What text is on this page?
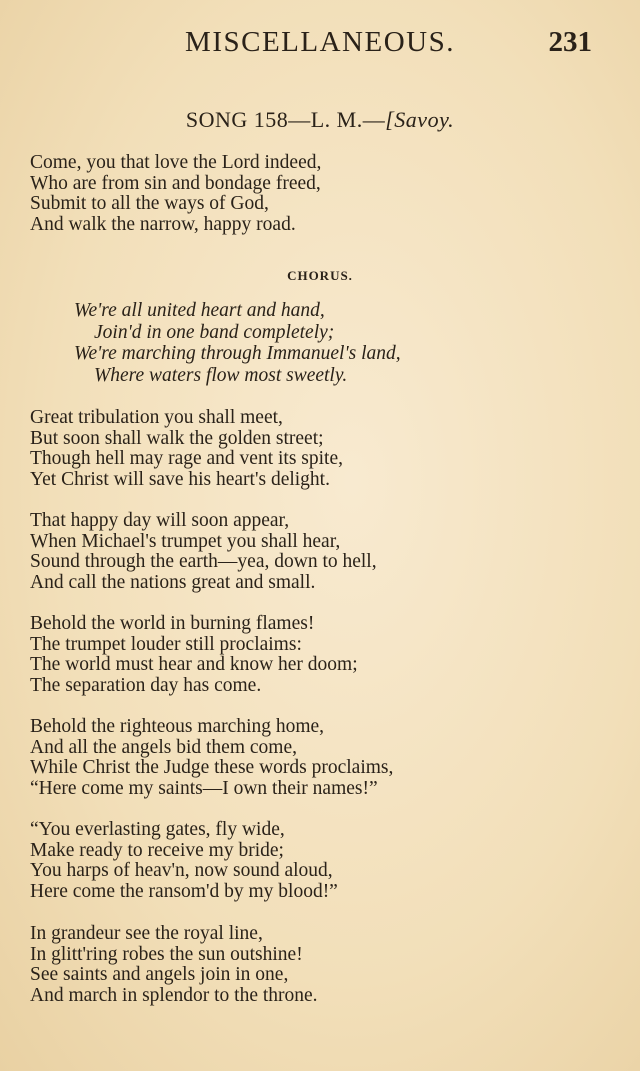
MISCELLANEOUS.	231
SONG 158—L. M.—[Savoy.
Come, you that love the Lord indeed,
Who are from sin and bondage freed,
Submit to all the ways of God,
And walk the narrow, happy road.
CHORUS.
We're all united heart and hand,
Join'd in one band completely;
We're marching through Immanuel's land,
Where waters flow most sweetly.
Great tribulation you shall meet,
But soon shall walk the golden street;
Though hell may rage and vent its spite,
Yet Christ will save his heart's delight.
That happy day will soon appear,
When Michael's trumpet you shall hear,
Sound through the earth—yea, down to hell,
And call the nations great and small.
Behold the world in burning flames!
The trumpet louder still proclaims:
The world must hear and know her doom;
The separation day has come.
Behold the righteous marching home,
And all the angels bid them come,
While Christ the Judge these words proclaims,
“Here come my saints—I own their names!”
“You everlasting gates, fly wide,
Make ready to receive my bride;
You harps of heav'n, now sound aloud,
Here come the ransom'd by my blood!”
In grandeur see the royal line,
In glitt'ring robes the sun outshine!
See saints and angels join in one,
And march in splendor to the throne.
